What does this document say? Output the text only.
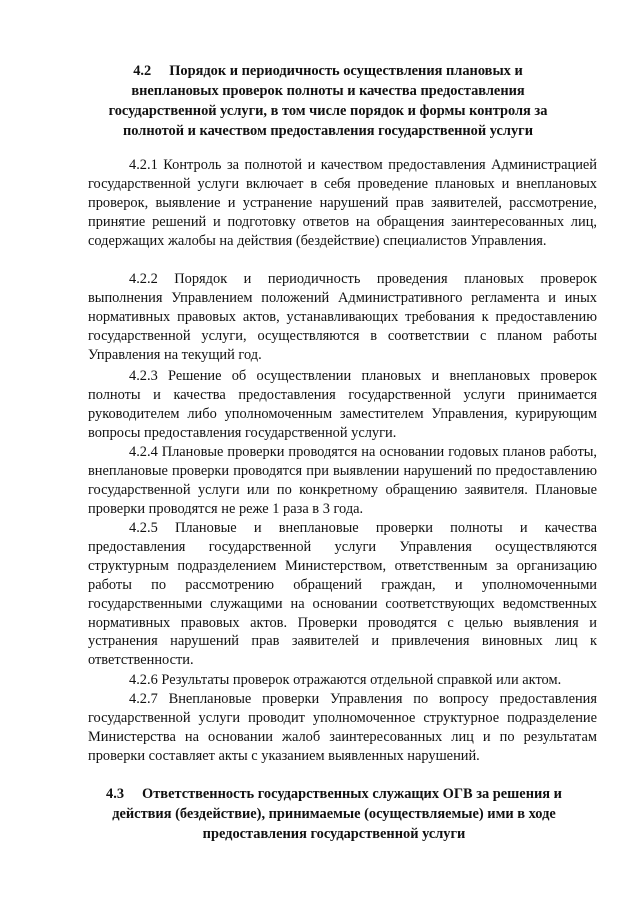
4.2 Порядок и периодичность осуществления плановых и
внеплановых проверок полноты и качества предоставления
государственной услуги, в том числе порядок и формы контроля за
полнотой и качеством предоставления государственной услуги

4.2.1 Контроль за полнотой и качеством предоставления Администрацией государственной услуги включает в себя проведение плановых и внеплановых проверок, выявление и устранение нарушений прав заявителей, рассмотрение, принятие решений и подготовку ответов на обращения заинтересованных лиц, содержащих жалобы на действия (бездействие) специалистов Управления.

4.2.2 Порядок и периодичность проведения плановых проверок выполнения Управлением положений Административного регламента и иных нормативных правовых актов, устанавливающих требования к предоставлению государственной услуги, осуществляются в соответствии с планом работы Управления на текущий год.

4.2.3 Решение об осуществлении плановых и внеплановых проверок полноты и качества предоставления государственной услуги принимается руководителем либо уполномоченным заместителем Управления, курирующим вопросы предоставления государственной услуги.

4.2.4 Плановые проверки проводятся на основании годовых планов работы, внеплановые проверки проводятся при выявлении нарушений по предоставлению государственной услуги или по конкретному обращению заявителя. Плановые проверки проводятся не реже 1 раза в 3 года.

4.2.5 Плановые и внеплановые проверки полноты и качества предоставления государственной услуги Управления осуществляются структурным подразделением Министерством, ответственным за организацию работы по рассмотрению обращений граждан, и уполномоченными государственными служащими на основании соответствующих ведомственных нормативных правовых актов. Проверки проводятся с целью выявления и устранения нарушений прав заявителей и привлечения виновных лиц к ответственности.

4.2.6 Результаты проверок отражаются отдельной справкой или актом.

4.2.7 Внеплановые проверки Управления по вопросу предоставления государственной услуги проводит уполномоченное структурное подразделение Министерства на основании жалоб заинтересованных лиц и по результатам проверки составляет акты с указанием выявленных нарушений.

4.3 Ответственность государственных служащих ОГВ за решения и
действия (бездействие), принимаемые (осуществляемые) ими в ходе
предоставления государственной услуги
